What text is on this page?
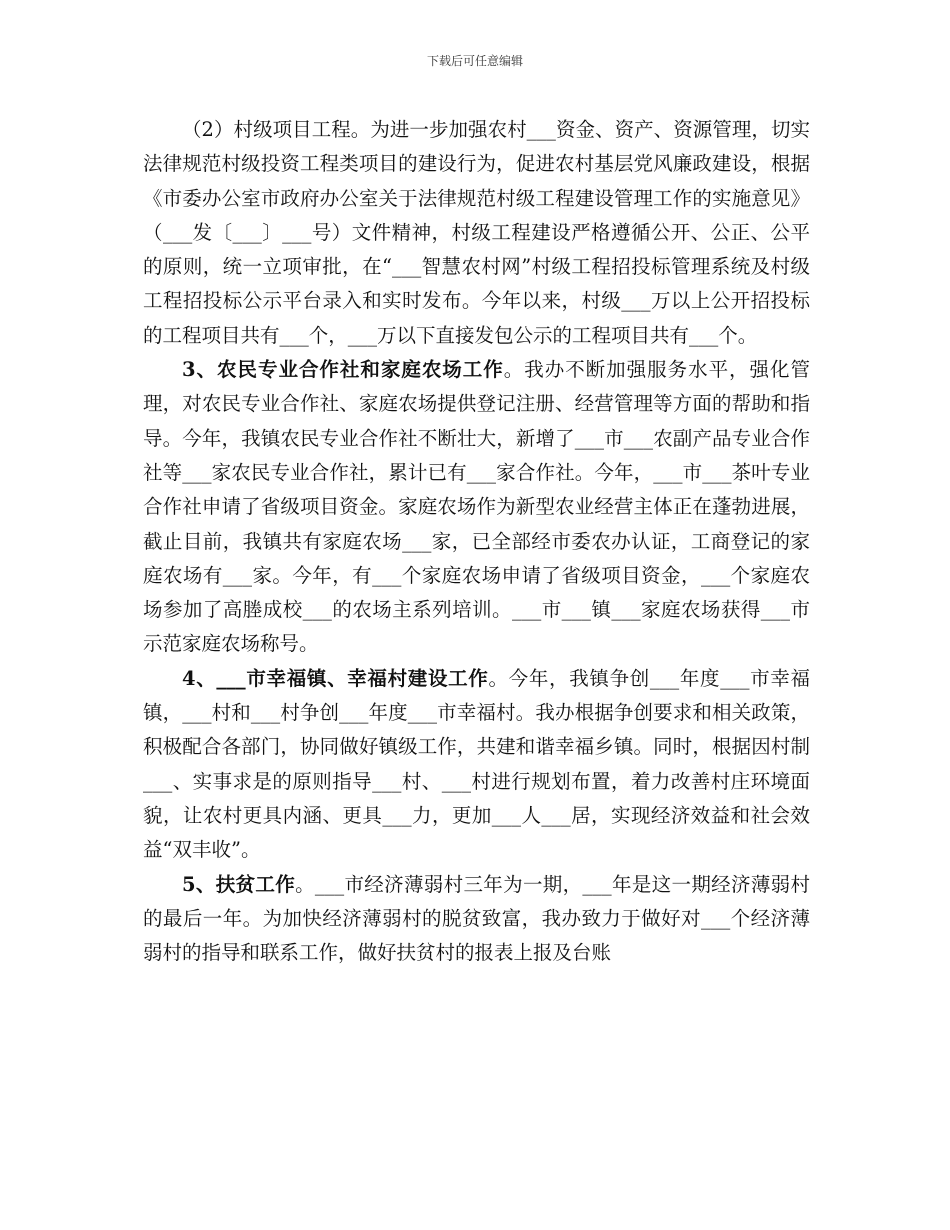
下载后可任意编辑

（2）村级项目工程。为进一步加强农村___资金、资产、资源管理，切实法律规范村级投资工程类项目的建设行为，促进农村基层党风廉政建设，根据《市委办公室市政府办公室关于法律规范村级工程建设管理工作的实施意见》（___发〔___〕___号）文件精神，村级工程建设严格遵循公开、公正、公平的原则，统一立项审批，在“___智慧农村网”村级工程招投标管理系统及村级工程招投标公示平台录入和实时发布。今年以来，村级___万以上公开招投标的工程项目共有___个，___万以下直接发包公示的工程项目共有___个。

3、农民专业合作社和家庭农场工作。我办不断加强服务水平，强化管理，对农民专业合作社、家庭农场提供登记注册、经营管理等方面的帮助和指导。今年，我镇农民专业合作社不断壮大，新增了___市___农副产品专业合作社等___家农民专业合作社，累计已有___家合作社。今年，___市___茶叶专业合作社申请了省级项目资金。家庭农场作为新型农业经营主体正在蓬勃进展，截止目前，我镇共有家庭农场___家，已全部经市委农办认证，工商登记的家庭农场有___家。今年，有___个家庭农场申请了省级项目资金，___个家庭农场参加了高塍成校___的农场主系列培训。___市___镇___家庭农场获得___市示范家庭农场称号。

4、___市幸福镇、幸福村建设工作。今年，我镇争创___年度___市幸福镇，___村和___村争创___年度___市幸福村。我办根据争创要求和相关政策，积极配合各部门，协同做好镇级工作，共建和谐幸福乡镇。同时，根据因村制___、实事求是的原则指导___村、___村进行规划布置，着力改善村庄环境面貌，让农村更具内涵、更具___力，更加___人___居，实现经济效益和社会效益“双丰收”。

5、扶贫工作。___市经济薄弱村三年为一期，___年是这一期经济薄弱村的最后一年。为加快经济薄弱村的脱贫致富，我办致力于做好对___个经济薄弱村的指导和联系工作，做好扶贫村的报表上报及台账
